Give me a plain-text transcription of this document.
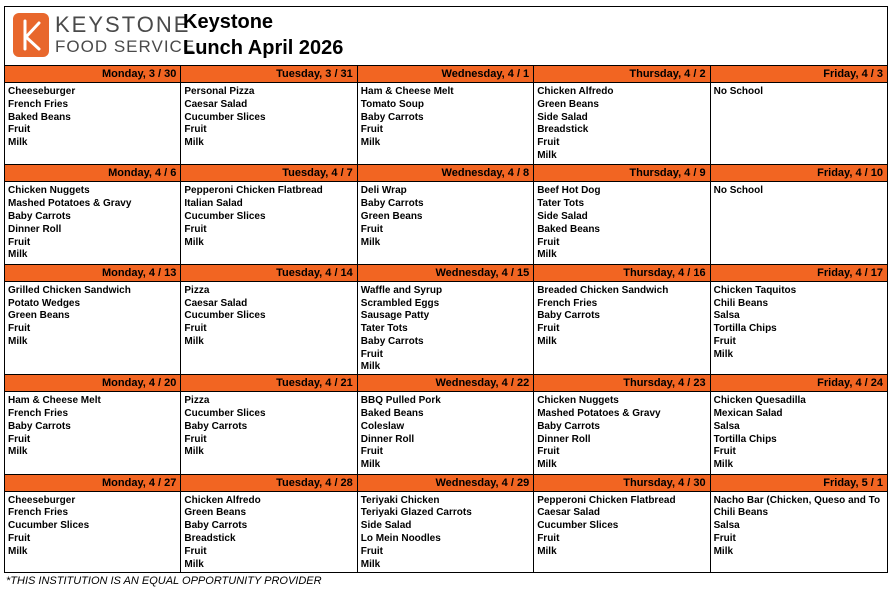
KEYSTONE
FOOD SERVICE
Keystone
Lunch April 2026
Monday, 3 / 30
Cheeseburger
French Fries
Baked Beans
Fruit
Milk
Tuesday, 3 / 31
Personal Pizza
Caesar Salad
Cucumber Slices
Fruit
Milk
Wednesday, 4 / 1
Ham & Cheese Melt
Tomato Soup
Baby Carrots
Fruit
Milk
Thursday, 4 / 2
Chicken Alfredo
Green Beans
Side Salad
Breadstick
Fruit
Milk
Friday, 4 / 3
No School
Monday, 4 / 6
Chicken Nuggets
Mashed Potatoes & Gravy
Baby Carrots
Dinner Roll
Fruit
Milk
Tuesday, 4 / 7
Pepperoni Chicken Flatbread
Italian Salad
Cucumber Slices
Fruit
Milk
Wednesday, 4 / 8
Deli Wrap
Baby Carrots
Green Beans
Fruit
Milk
Thursday, 4 / 9
Beef Hot Dog
Tater Tots
Side Salad
Baked Beans
Fruit
Milk
Friday, 4 / 10
No School
Monday, 4 / 13
Grilled Chicken Sandwich
Potato Wedges
Green Beans
Fruit
Milk
Tuesday, 4 / 14
Pizza
Caesar Salad
Cucumber Slices
Fruit
Milk
Wednesday, 4 / 15
Waffle and Syrup
Scrambled Eggs
Sausage Patty
Tater Tots
Baby Carrots
Fruit
Milk
Thursday, 4 / 16
Breaded Chicken Sandwich
French Fries
Baby Carrots
Fruit
Milk
Friday, 4 / 17
Chicken Taquitos
Chili Beans
Salsa
Tortilla Chips
Fruit
Milk
Monday, 4 / 20
Ham & Cheese Melt
French Fries
Baby Carrots
Fruit
Milk
Tuesday, 4 / 21
Pizza
Cucumber Slices
Baby Carrots
Fruit
Milk
Wednesday, 4 / 22
BBQ Pulled Pork
Baked Beans
Coleslaw
Dinner Roll
Fruit
Milk
Thursday, 4 / 23
Chicken Nuggets
Mashed Potatoes & Gravy
Baby Carrots
Dinner Roll
Fruit
Milk
Friday, 4 / 24
Chicken Quesadilla
Mexican Salad
Salsa
Tortilla Chips
Fruit
Milk
Monday, 4 / 27
Cheeseburger
French Fries
Cucumber Slices
Fruit
Milk
Tuesday, 4 / 28
Chicken Alfredo
Green Beans
Baby Carrots
Breadstick
Fruit
Milk
Wednesday, 4 / 29
Teriyaki Chicken
Teriyaki Glazed Carrots
Side Salad
Lo Mein Noodles
Fruit
Milk
Thursday, 4 / 30
Pepperoni Chicken Flatbread
Caesar Salad
Cucumber Slices
Fruit
Milk
Friday, 5 / 1
Nacho Bar (Chicken, Queso and To
Chili Beans
Salsa
Fruit
Milk
*THIS INSTITUTION IS AN EQUAL OPPORTUNITY PROVIDER
